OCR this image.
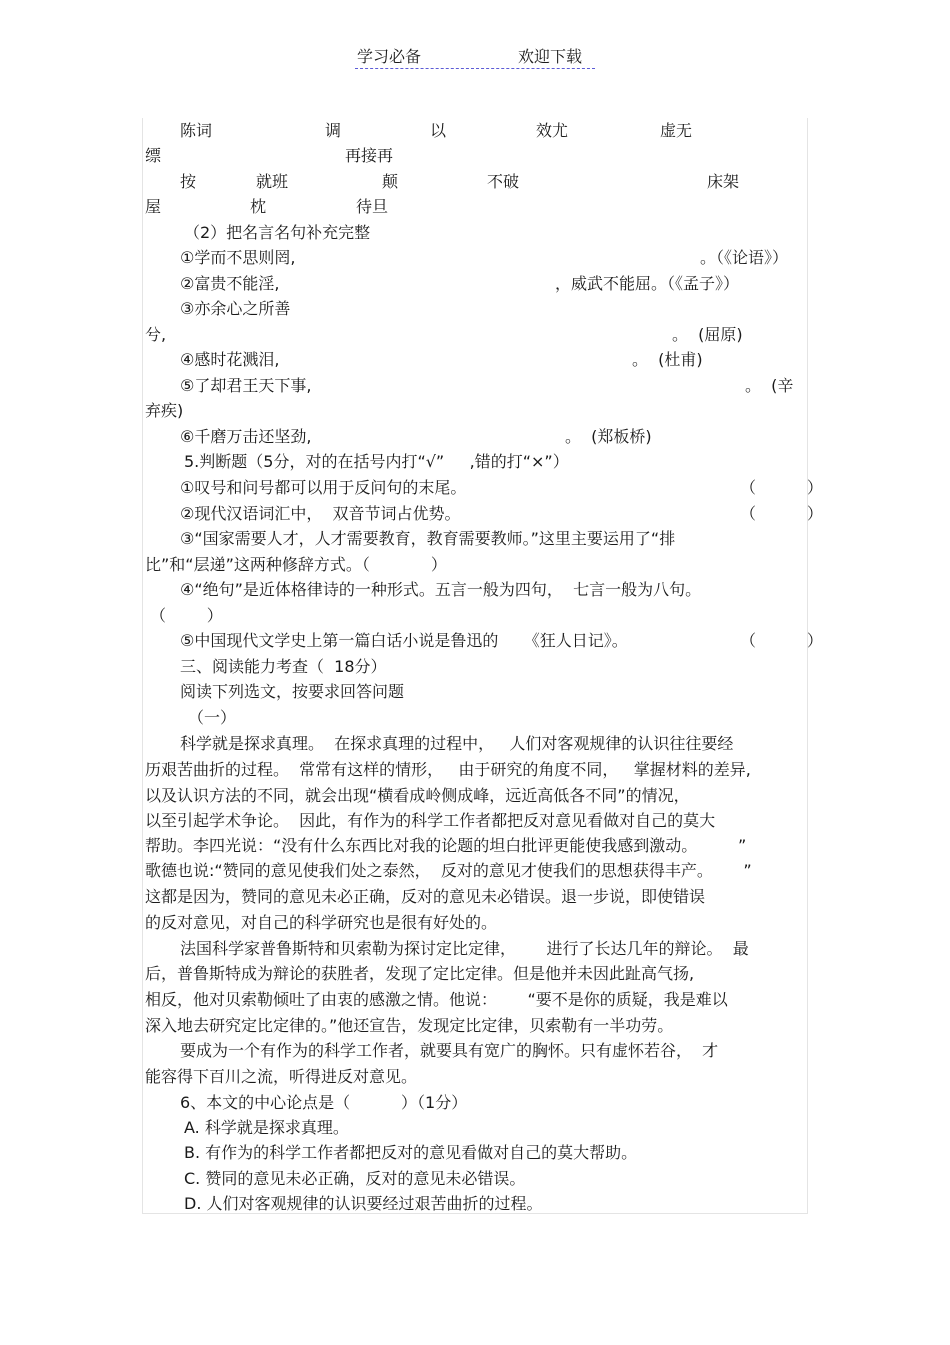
学习必备	欢迎下载
陈词	调	以	效尤	虚无
缥	再接再
按	就班	颠	不破	床架
屋	枕	待旦
（2）把名言名句补充完整
①学而不思则罔,	。（《论语》）
②富贵不能淫,	，威武不能屈。（《孟子》）
③亦余心之所善
兮,	。  (屈原)
④感时花溅泪,	。  (杜甫)
⑤了却君王天下事,	。  (辛
弃疾)
⑥千磨万击还坚劲,	。  (郑板桥)
5.判断题（5分，对的在括号内打“√”     ,错的打“×”）
①叹号和问号都可以用于反问句的末尾。	（          ）
②现代汉语词汇中，  双音节词占优势。	（          ）
③“国家需要人才，人才需要教育，教育需要教师。”这里主要运用了“排
比”和“层递”这两种修辞方式。（            ）
④“绝句”是近体格律诗的一种形式。五言一般为四句，  七言一般为八句。
（        ）
⑤中国现代文学史上第一篇白话小说是鲁迅的     《狂人日记》。	（          ）
三、阅读能力考查（  18分）
阅读下列选文，按要求回答问题
（一）
科学就是探求真理。  在探求真理的过程中，   人们对客观规律的认识往往要经
历艰苦曲折的过程。  常常有这样的情形，   由于研究的角度不同，   掌握材料的差异,
以及认识方法的不同，就会出现“横看成岭侧成峰，远近高低各不同”的情况，
以至引起学术争论。  因此，有作为的科学工作者都把反对意见看做对自己的莫大
帮助。李四光说：“没有什么东西比对我的论题的坦白批评更能使我感到激动。        ”
歌德也说:“赞同的意见使我们处之泰然，  反对的意见才使我们的思想获得丰产。      ”
这都是因为，赞同的意见未必正确，反对的意见未必错误。退一步说，即使错误
的反对意见，对自己的科学研究也是很有好处的。
法国科学家普鲁斯特和贝索勒为探讨定比定律，      进行了长达几年的辩论。  最
后，普鲁斯特成为辩论的获胜者，发现了定比定律。但是他并未因此趾高气扬,
相反，他对贝索勒倾吐了由衷的感激之情。他说：      “要不是你的质疑，我是难以
深入地去研究定比定律的。”他还宣告，发现定比定律，贝索勒有一半功劳。
要成为一个有作为的科学工作者，就要具有宽广的胸怀。只有虚怀若谷，  才
能容得下百川之流，听得进反对意见。
6、本文的中心论点是（          ）（1分）
A. 科学就是探求真理。
B. 有作为的科学工作者都把反对的意见看做对自己的莫大帮助。
C. 赞同的意见未必正确，反对的意见未必错误。
D. 人们对客观规律的认识要经过艰苦曲折的过程。
